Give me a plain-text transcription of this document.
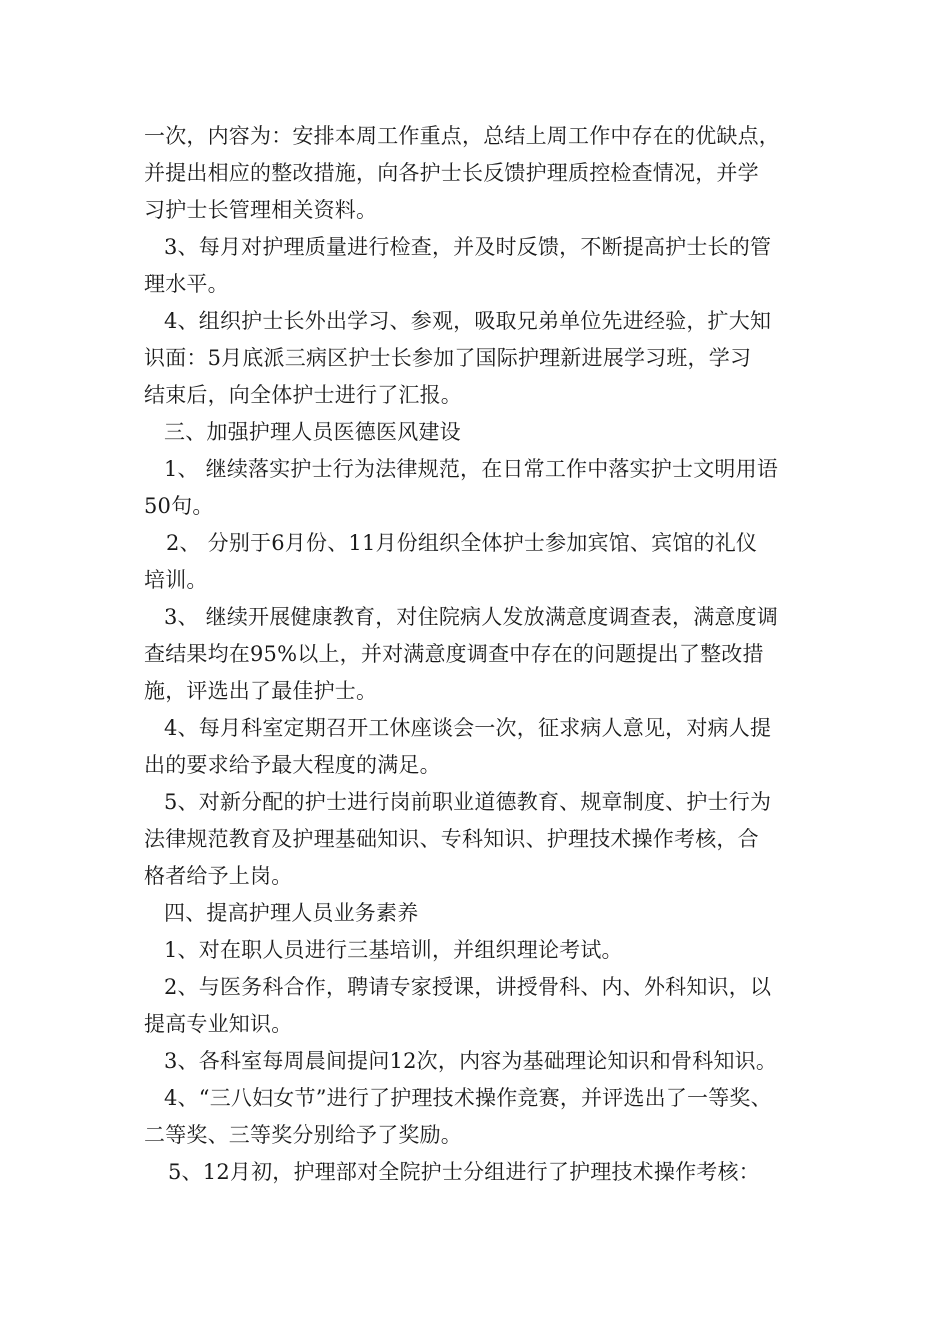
一次，内容为：安排本周工作重点，总结上周工作中存在的优缺点，
并提出相应的整改措施，向各护士长反馈护理质控检查情况，并学
习护士长管理相关资料。
3、每月对护理质量进行检查，并及时反馈，不断提高护士长的管
理水平。
4、组织护士长外出学习、参观，吸取兄弟单位先进经验，扩大知
识面：5月底派三病区护士长参加了国际护理新进展学习班，学习
结束后，向全体护士进行了汇报。
三、加强护理人员医德医风建设
1、 继续落实护士行为法律规范，在日常工作中落实护士文明用语
50句。
2、 分别于6月份、11月份组织全体护士参加宾馆、宾馆的礼仪
培训。
3、 继续开展健康教育，对住院病人发放满意度调查表，满意度调
查结果均在95%以上，并对满意度调查中存在的问题提出了整改措
施，评选出了最佳护士。
4、每月科室定期召开工休座谈会一次，征求病人意见，对病人提
出的要求给予最大程度的满足。
5、对新分配的护士进行岗前职业道德教育、规章制度、护士行为
法律规范教育及护理基础知识、专科知识、护理技术操作考核，合
格者给予上岗。
四、提高护理人员业务素养
1、对在职人员进行三基培训，并组织理论考试。
2、与医务科合作，聘请专家授课，讲授骨科、内、外科知识，以
提高专业知识。
3、各科室每周晨间提问12次，内容为基础理论知识和骨科知识。
4、“三八妇女节”进行了护理技术操作竞赛，并评选出了一等奖、
二等奖、三等奖分别给予了奖励。
5、12月初，护理部对全院护士分组进行了护理技术操作考核：
